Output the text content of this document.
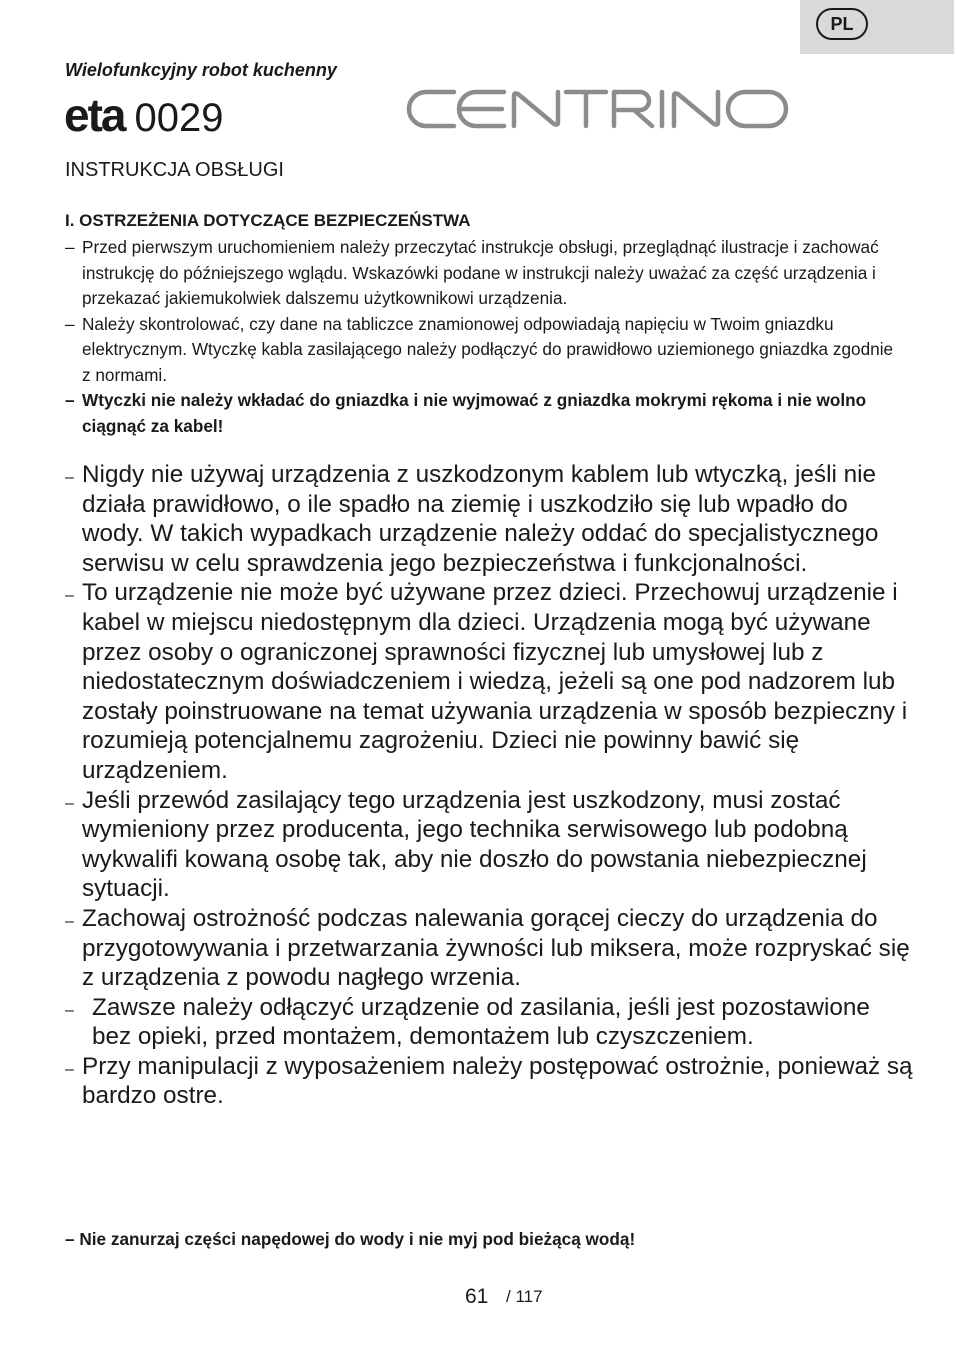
PL
Wielofunkcyjny robot kuchenny
eta 0029
INSTRUKCJA OBSŁUGI
I. OSTRZEŻENIA DOTYCZĄCE BEZPIECZEŃSTWA
– Przed pierwszym uruchomieniem należy przeczytać instrukcje obsługi, przeglądnąć ilustracje i zachować instrukcję do późniejszego wglądu. Wskazówki podane w instrukcji należy uważać za część urządzenia i przekazać jakiemukolwiek dalszemu użytkownikowi urządzenia.
– Należy skontrolować, czy dane na tabliczce znamionowej odpowiadają napięciu w Twoim gniazdku elektrycznym. Wtyczkę kabla zasilającego należy podłączyć do prawidłowo uziemionego gniazdka zgodnie z normami.
– Wtyczki nie należy wkładać do gniazdka i nie wyjmować z gniazdka mokrymi rękoma i nie wolno ciągnąć za kabel!
– Nigdy nie używaj urządzenia z uszkodzonym kablem lub wtyczką, jeśli nie działa prawidłowo, o ile spadło na ziemię i uszkodziło się lub wpadło do wody. W takich wypadkach urządzenie należy oddać do specjalistycznego serwisu w celu sprawdzenia jego bezpieczeństwa i funkcjonalności.
– To urządzenie nie może być używane przez dzieci. Przechowuj urządzenie i kabel w miejscu niedostępnym dla dzieci. Urządzenia mogą być używane przez osoby o ograniczonej sprawności fizycznej lub umysłowej lub z niedostatecznym doświadczeniem i wiedzą, jeżeli są one pod nadzorem lub zostały poinstruowane na temat używania urządzenia w sposób bezpieczny i rozumieją potencjalnemu zagrożeniu. Dzieci nie powinny bawić się urządzeniem.
– Jeśli przewód zasilający tego urządzenia jest uszkodzony, musi zostać wymieniony przez producenta, jego technika serwisowego lub podobną wykwalifi kowaną osobę tak, aby nie doszło do powstania niebezpiecznej sytuacji.
– Zachowaj ostrożność podczas nalewania gorącej cieczy do urządzenia do przygotowywania i przetwarzania żywności lub miksera, może rozpryskać się z urządzenia z powodu nagłego wrzenia.
– Zawsze należy odłączyć urządzenie od zasilania, jeśli jest pozostawione bez opieki, przed montażem, demontażem lub czyszczeniem.
– Przy manipulacji z wyposażeniem należy postępować ostrożnie, ponieważ są bardzo ostre.
– Nie zanurzaj części napędowej do wody i nie myj pod bieżącą wodą!
61 / 117
